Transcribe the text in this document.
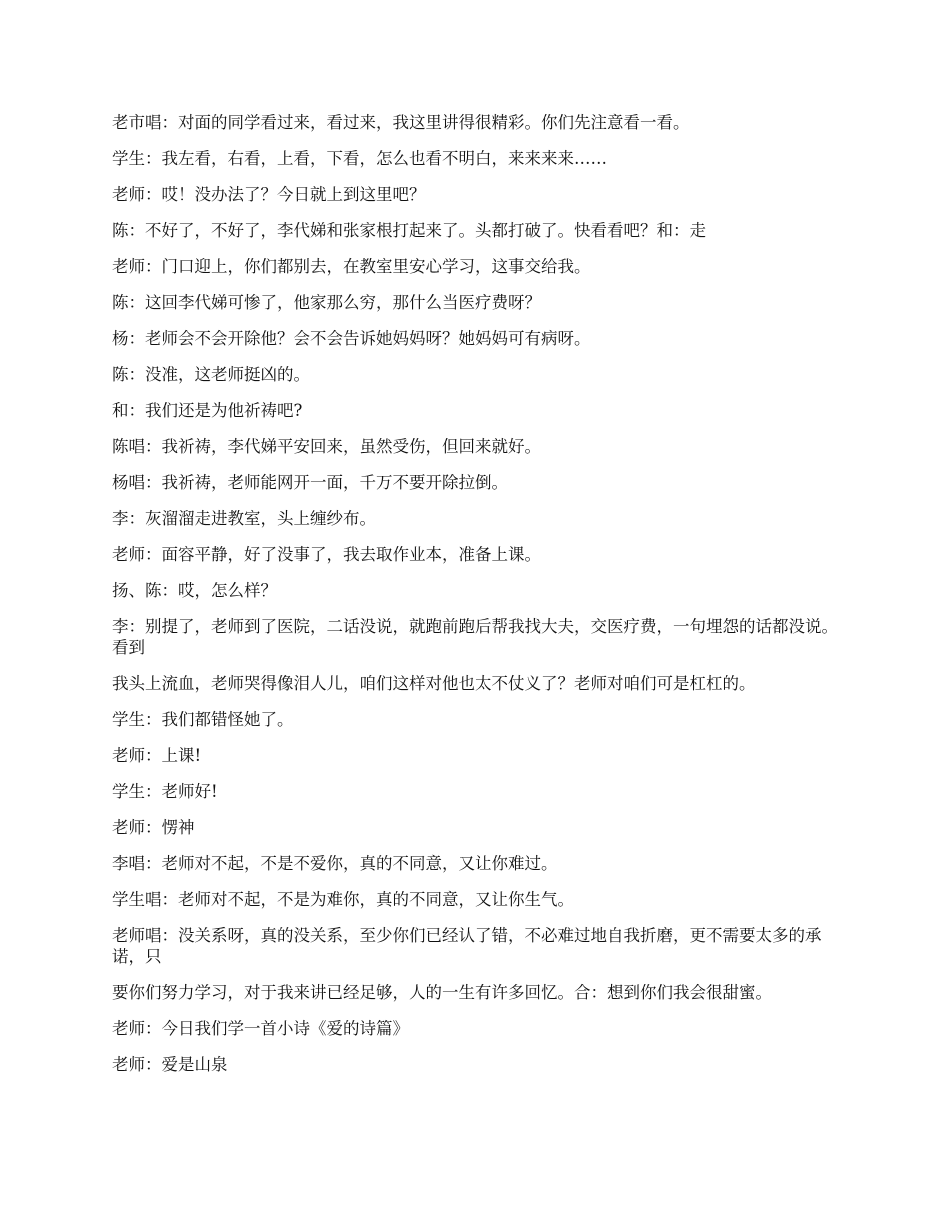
老市唱：对面的同学看过来，看过来，我这里讲得很精彩。你们先注意看一看。

学生：我左看，右看，上看，下看，怎么也看不明白，来来来来……

老师：哎！没办法了？今日就上到这里吧？

陈：不好了，不好了，李代娣和张家根打起来了。头都打破了。快看看吧？和：走

老师：门口迎上，你们都别去，在教室里安心学习，这事交给我。

陈：这回李代娣可惨了，他家那么穷，那什么当医疗费呀？

杨：老师会不会开除他？会不会告诉她妈妈呀？她妈妈可有病呀。

陈：没准，这老师挺凶的。

和：我们还是为他祈祷吧?

陈唱：我祈祷，李代娣平安回来，虽然受伤，但回来就好。

杨唱：我祈祷，老师能网开一面，千万不要开除拉倒。

李：灰溜溜走进教室，头上缠纱布。

老师：面容平静，好了没事了，我去取作业本，准备上课。

扬、陈：哎，怎么样？

李：别提了，老师到了医院，二话没说，就跑前跑后帮我找大夫，交医疗费，一句埋怨的话都没说。看到

我头上流血，老师哭得像泪人儿，咱们这样对他也太不仗义了？老师对咱们可是杠杠的。

学生：我们都错怪她了。

老师：上课!

学生：老师好!

老师：愣神

李唱：老师对不起，不是不爱你，真的不同意，又让你难过。

学生唱：老师对不起，不是为难你，真的不同意，又让你生气。

老师唱：没关系呀，真的没关系，至少你们已经认了错，不必难过地自我折磨，更不需要太多的承诺，只

要你们努力学习，对于我来讲已经足够，人的一生有许多回忆。合：想到你们我会很甜蜜。

老师：今日我们学一首小诗《爱的诗篇》

老师：爱是山泉
